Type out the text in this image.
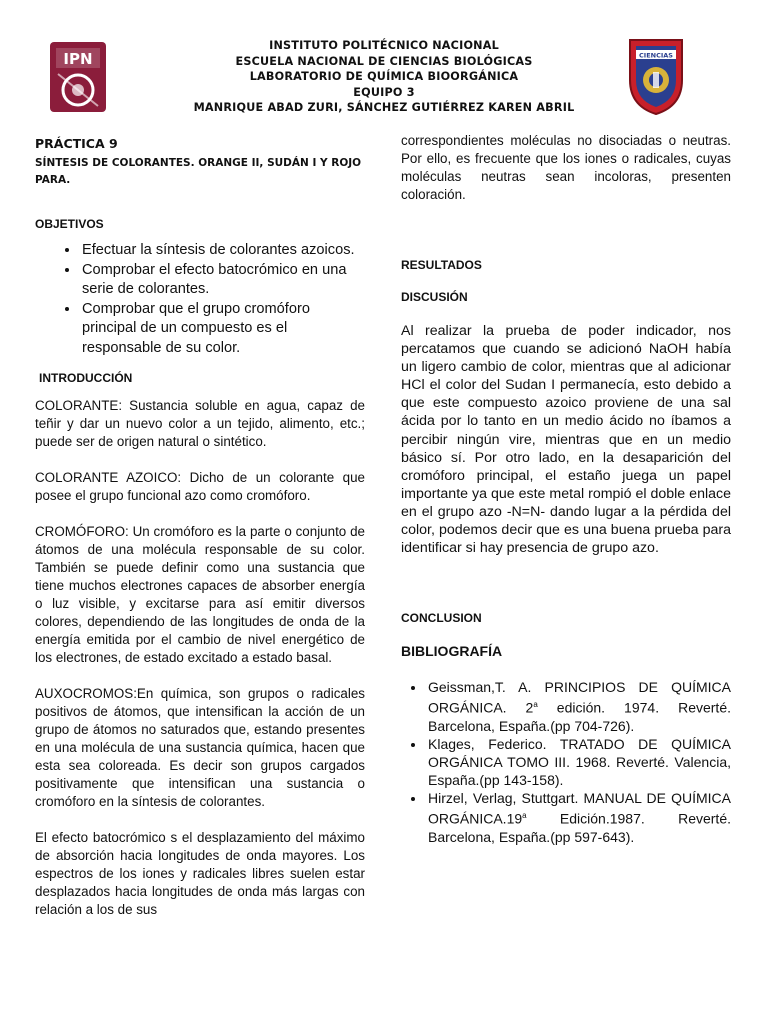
IPN
INSTITUTO POLITÉCNICO NACIONAL
ESCUELA NACIONAL DE CIENCIAS BIOLÓGICAS
LABORATORIO DE QUÍMICA BIOORGÁNICA
EQUIPO 3
MANRIQUE ABAD ZURI, SÁNCHEZ GUTIÉRREZ KAREN ABRIL
CIENCIAS
PRÁCTICA 9
SÍNTESIS DE COLORANTES. ORANGE II, SUDÁN I Y ROJO
PARA.
OBJETIVOS
• Efectuar la síntesis de colorantes azoicos.
• Comprobar el efecto batocrómico en una serie de colorantes.
• Comprobar que el grupo cromóforo principal de un compuesto es el responsable de su color.
INTRODUCCIÓN

COLORANTE: Sustancia soluble en agua, capaz de teñir y dar un nuevo color a un tejido, alimento, etc.; puede ser de origen natural o sintético.

COLORANTE AZOICO: Dicho de un colorante que posee el grupo funcional azo como cromóforo.

CROMÓFORO: Un cromóforo es la parte o conjunto de átomos de una molécula responsable de su color. También se puede definir como una sustancia que tiene muchos electrones capaces de absorber energía o luz visible, y excitarse para así emitir diversos colores, dependiendo de las longitudes de onda de la energía emitida por el cambio de nivel energético de los electrones, de estado excitado a estado basal.

AUXOCROMOS:En química, son grupos o radicales positivos de átomos, que intensifican la acción de un grupo de átomos no saturados que, estando presentes en una molécula de una sustancia química, hacen que esta sea coloreada. Es decir son grupos cargados positivamente que intensifican una sustancia o cromóforo en la síntesis de colorantes.

El efecto batocrómico s el desplazamiento del máximo de absorción hacia longitudes de onda mayores. Los espectros de los iones y radicales libres suelen estar desplazados hacia longitudes de onda más largas con relación a los de sus

correspondientes moléculas no disociadas o neutras. Por ello, es frecuente que los iones o radicales, cuyas moléculas neutras sean incoloras, presenten coloración.

RESULTADOS
DISCUSIÓN

Al realizar la prueba de poder indicador, nos percatamos que cuando se adicionó NaOH había un ligero cambio de color, mientras que al adicionar HCl el color del Sudan I permanecía, esto debido a que este compuesto azoico proviene de una sal ácida por lo tanto en un medio ácido no íbamos a percibir ningún vire, mientras que en un medio básico sí. Por otro lado, en la desaparición del cromóforo principal, el estaño juega un papel importante ya que este metal rompió el doble enlace en el grupo azo -N=N- dando lugar a la pérdida del color, podemos decir que es una buena prueba para identificar si hay presencia de grupo azo.

CONCLUSION
BIBLIOGRAFÍA
• Geissman,T. A. PRINCIPIOS DE QUÍMICA ORGÁNICA. 2$^a$ edición. 1974. Reverté. Barcelona, España.(pp 704-726).
• Klages, Federico. TRATADO DE QUÍMICA ORGÁNICA TOMO III. 1968. Reverté. Valencia, España.(pp 143-158).
• Hirzel, Verlag, Stuttgart. MANUAL DE QUÍMICA ORGÁNICA.19$^a$ Edición.1987. Reverté. Barcelona, España.(pp 597-643).
